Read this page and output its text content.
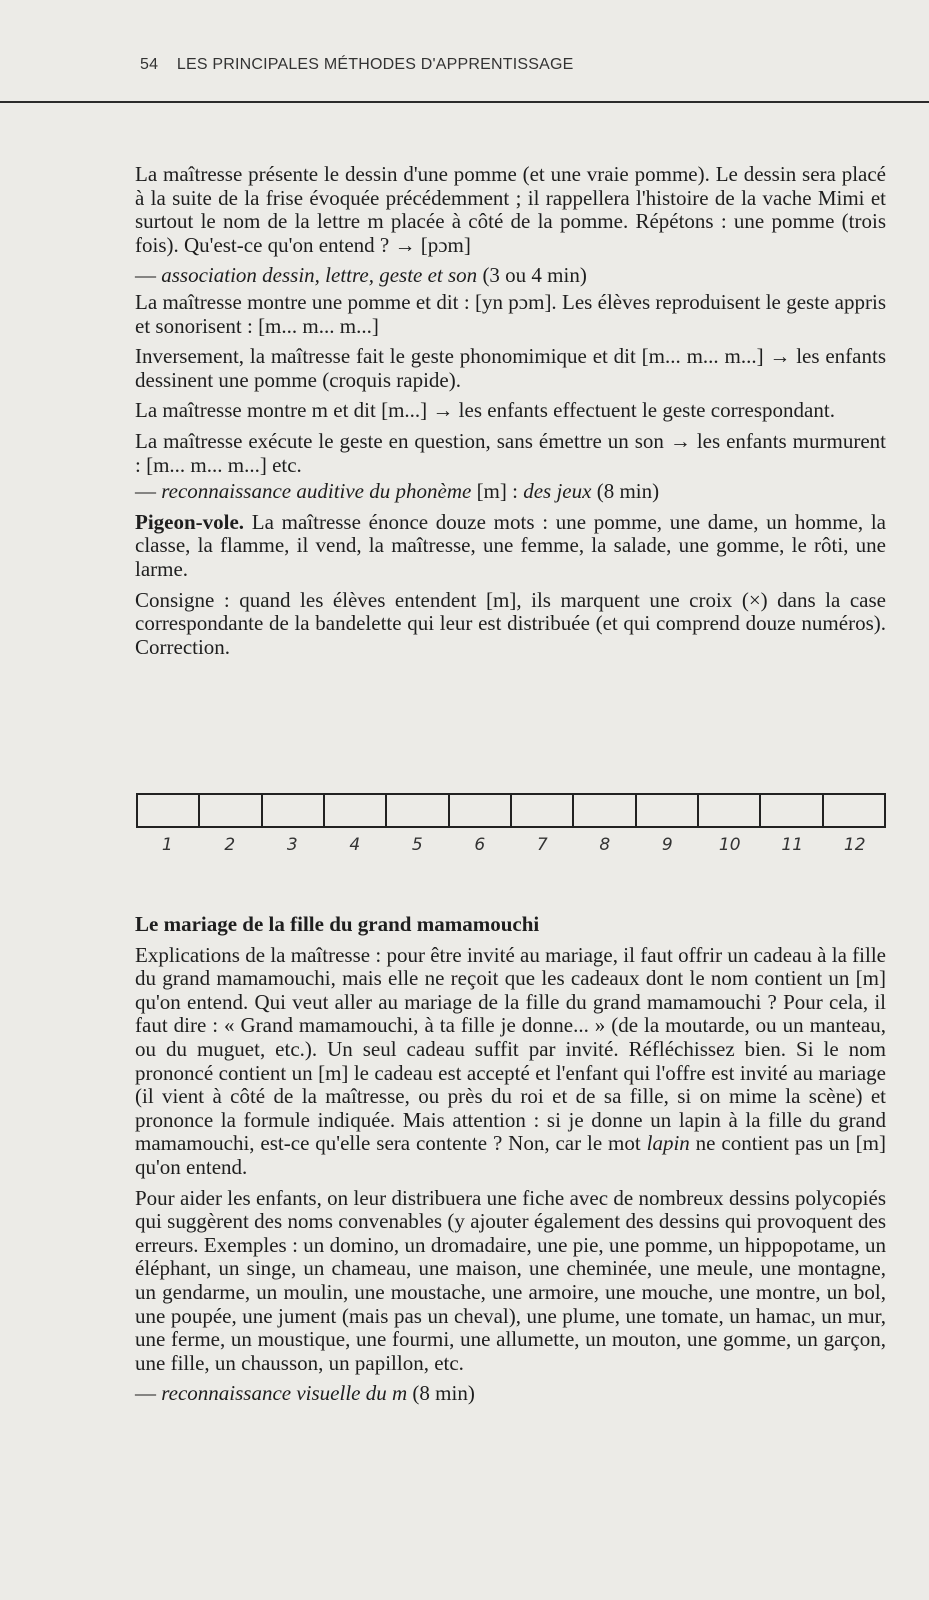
54 LES PRINCIPALES MÉTHODES D'APPRENTISSAGE

La maîtresse présente le dessin d'une pomme (et une vraie pomme). Le dessin sera placé à la suite de la frise évoquée précédemment ; il rappellera l'histoire de la vache Mimi et surtout le nom de la lettre m placée à côté de la pomme. Répétons : une pomme (trois fois). Qu'est-ce qu'on entend ? → [pɔm]

— association dessin, lettre, geste et son (3 ou 4 min)

La maîtresse montre une pomme et dit : [yn pɔm]. Les élèves reproduisent le geste appris et sonorisent : [m... m... m...]

Inversement, la maîtresse fait le geste phonomimique et dit [m... m... m...] → les enfants dessinent une pomme (croquis rapide).

La maîtresse montre m et dit [m...] → les enfants effectuent le geste correspondant.

La maîtresse exécute le geste en question, sans émettre un son → les enfants murmurent : [m... m... m...] etc.

— reconnaissance auditive du phonème [m] : des jeux (8 min)

Pigeon-vole. La maîtresse énonce douze mots : une pomme, une dame, un homme, la classe, la flamme, il vend, la maîtresse, une femme, la salade, une gomme, le rôti, une larme.

Consigne : quand les élèves entendent [m], ils marquent une croix (×) dans la case correspondante de la bandelette qui leur est distribuée (et qui comprend douze numéros). Correction.

1	2	3	4	5	6	7	8	9	10	11	12

Le mariage de la fille du grand mamamouchi

Explications de la maîtresse : pour être invité au mariage, il faut offrir un cadeau à la fille du grand mamamouchi, mais elle ne reçoit que les cadeaux dont le nom contient un [m] qu'on entend. Qui veut aller au mariage de la fille du grand mamamouchi ? Pour cela, il faut dire : « Grand mamamouchi, à ta fille je donne... » (de la moutarde, ou un manteau, ou du muguet, etc.). Un seul cadeau suffit par invité. Réfléchissez bien. Si le nom prononcé contient un [m] le cadeau est accepté et l'enfant qui l'offre est invité au mariage (il vient à côté de la maîtresse, ou près du roi et de sa fille, si on mime la scène) et prononce la formule indiquée. Mais attention : si je donne un lapin à la fille du grand mamamouchi, est-ce qu'elle sera contente ? Non, car le mot lapin ne contient pas un [m] qu'on entend.

Pour aider les enfants, on leur distribuera une fiche avec de nombreux dessins polycopiés qui suggèrent des noms convenables (y ajouter également des dessins qui provoquent des erreurs. Exemples : un domino, un dromadaire, une pie, une pomme, un hippopotame, un éléphant, un singe, un chameau, une maison, une cheminée, une meule, une montagne, un gendarme, un moulin, une moustache, une armoire, une mouche, une montre, un bol, une poupée, une jument (mais pas un cheval), une plume, une tomate, un hamac, un mur, une ferme, un moustique, une fourmi, une allumette, un mouton, une gomme, un garçon, une fille, un chausson, un papillon, etc.

— reconnaissance visuelle du m (8 min)
